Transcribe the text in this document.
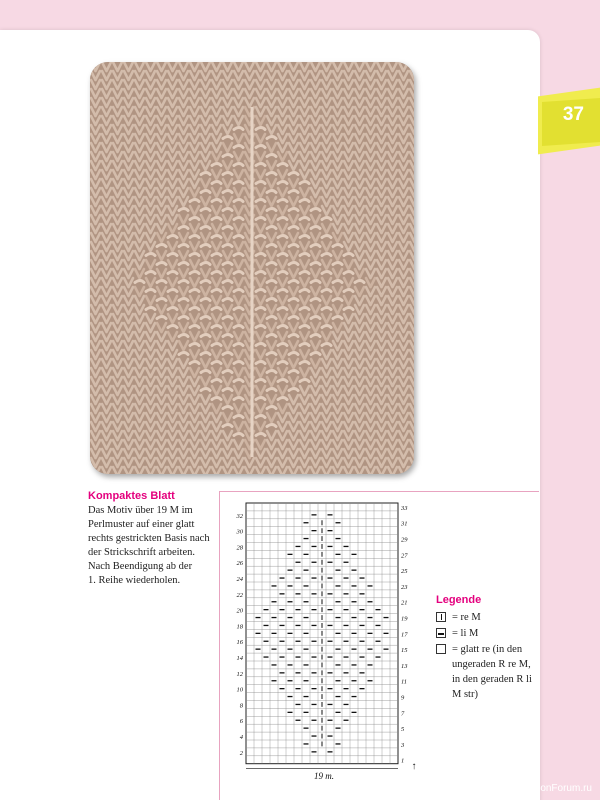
37
Kompaktes Blatt
Das Motiv über 19 M im
Perlmuster auf einer glatt
rechts gestrickten Basis nach
der Strickschrift arbeiten.
Nach Beendigung ab der
1. Reihe wiederholen.
32
30
28
26
24
22
20
18
16
14
12
10
8
6
4
2
33
31
29
27
25
23
21
19
17
15
13
11
9
7
5
3
1
19 m.
↑
Legende
= re M
= li M
= glatt re (in den ungeraden R re M, in den geraden R li M str)
PassionForum.ru
